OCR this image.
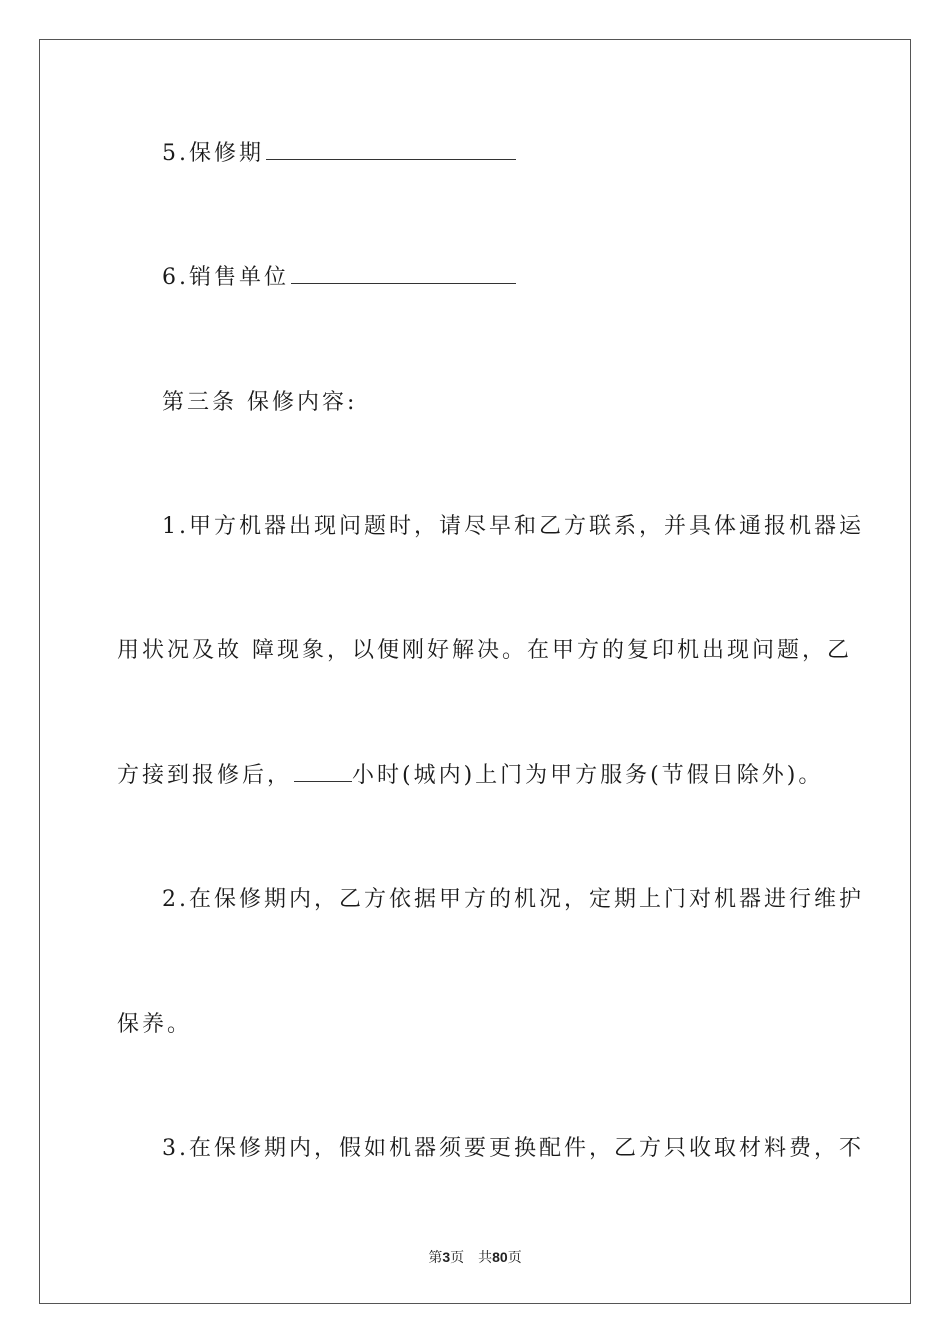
5.保修期
6.销售单位
第三条 保修内容:
1.甲方机器出现问题时，请尽早和乙方联系，并具体通报机器运
用状况及故 障现象，以便刚好解决。在甲方的复印机出现问题，乙
方接到报修后，	小时(城内)上门为甲方服务(节假日除外)。
2.在保修期内，乙方依据甲方的机况，定期上门对机器进行维护
保养。
3.在保修期内，假如机器须要更换配件，乙方只收取材料费，不
第3页　共80页
